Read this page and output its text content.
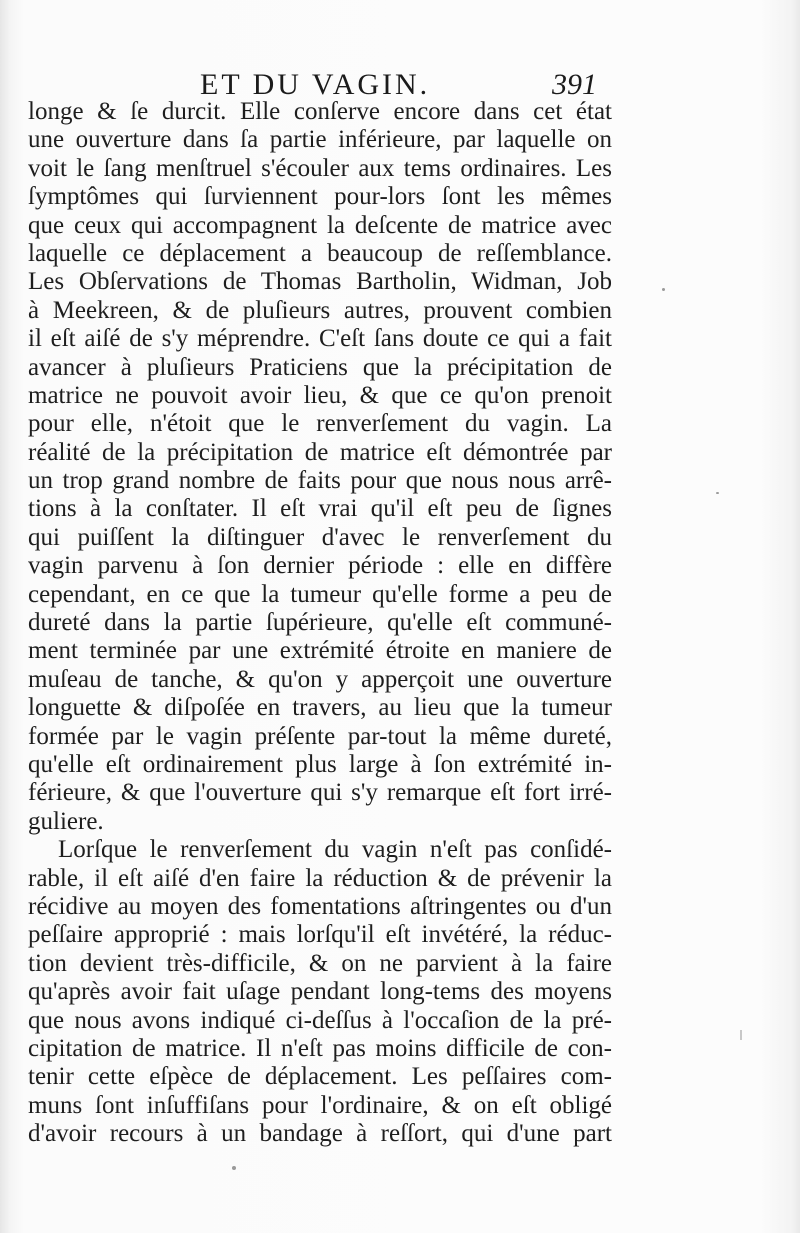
ET DU VAGIN.	391
longe & ſe durcit. Elle conſerve encore dans cet état
une ouverture dans ſa partie inférieure, par laquelle on
voit le ſang menſtruel s'écouler aux tems ordinaires. Les
ſymptômes qui ſurviennent pour-lors ſont les mêmes
que ceux qui accompagnent la deſcente de matrice avec
laquelle ce déplacement a beaucoup de reſſemblance.
Les Obſervations de Thomas Bartholin, Widman, Job
à Meekreen, & de pluſieurs autres, prouvent combien
il eſt aiſé de s'y méprendre. C'eſt ſans doute ce qui a fait
avancer à pluſieurs Praticiens que la précipitation de
matrice ne pouvoit avoir lieu, & que ce qu'on prenoit
pour elle, n'étoit que le renverſement du vagin. La
réalité de la précipitation de matrice eſt démontrée par
un trop grand nombre de faits pour que nous nous arrê-
tions à la conſtater. Il eſt vrai qu'il eſt peu de ſignes
qui puiſſent la diſtinguer d'avec le renverſement du
vagin parvenu à ſon dernier période : elle en diffère
cependant, en ce que la tumeur qu'elle forme a peu de
dureté dans la partie ſupérieure, qu'elle eſt communé-
ment terminée par une extrémité étroite en maniere de
muſeau de tanche, & qu'on y apperçoit une ouverture
longuette & diſpoſée en travers, au lieu que la tumeur
formée par le vagin préſente par-tout la même dureté,
qu'elle eſt ordinairement plus large à ſon extrémité in-
férieure, & que l'ouverture qui s'y remarque eſt fort irré-
guliere.
Lorſque le renverſement du vagin n'eſt pas conſidé-
rable, il eſt aiſé d'en faire la réduction & de prévenir la
récidive au moyen des fomentations aſtringentes ou d'un
peſſaire approprié : mais lorſqu'il eſt invétéré, la réduc-
tion devient très-difficile, & on ne parvient à la faire
qu'après avoir fait uſage pendant long-tems des moyens
que nous avons indiqué ci-deſſus à l'occaſion de la pré-
cipitation de matrice. Il n'eſt pas moins difficile de con-
tenir cette eſpèce de déplacement. Les peſſaires com-
muns ſont inſuffiſans pour l'ordinaire, & on eſt obligé
d'avoir recours à un bandage à reſſort, qui d'une part
